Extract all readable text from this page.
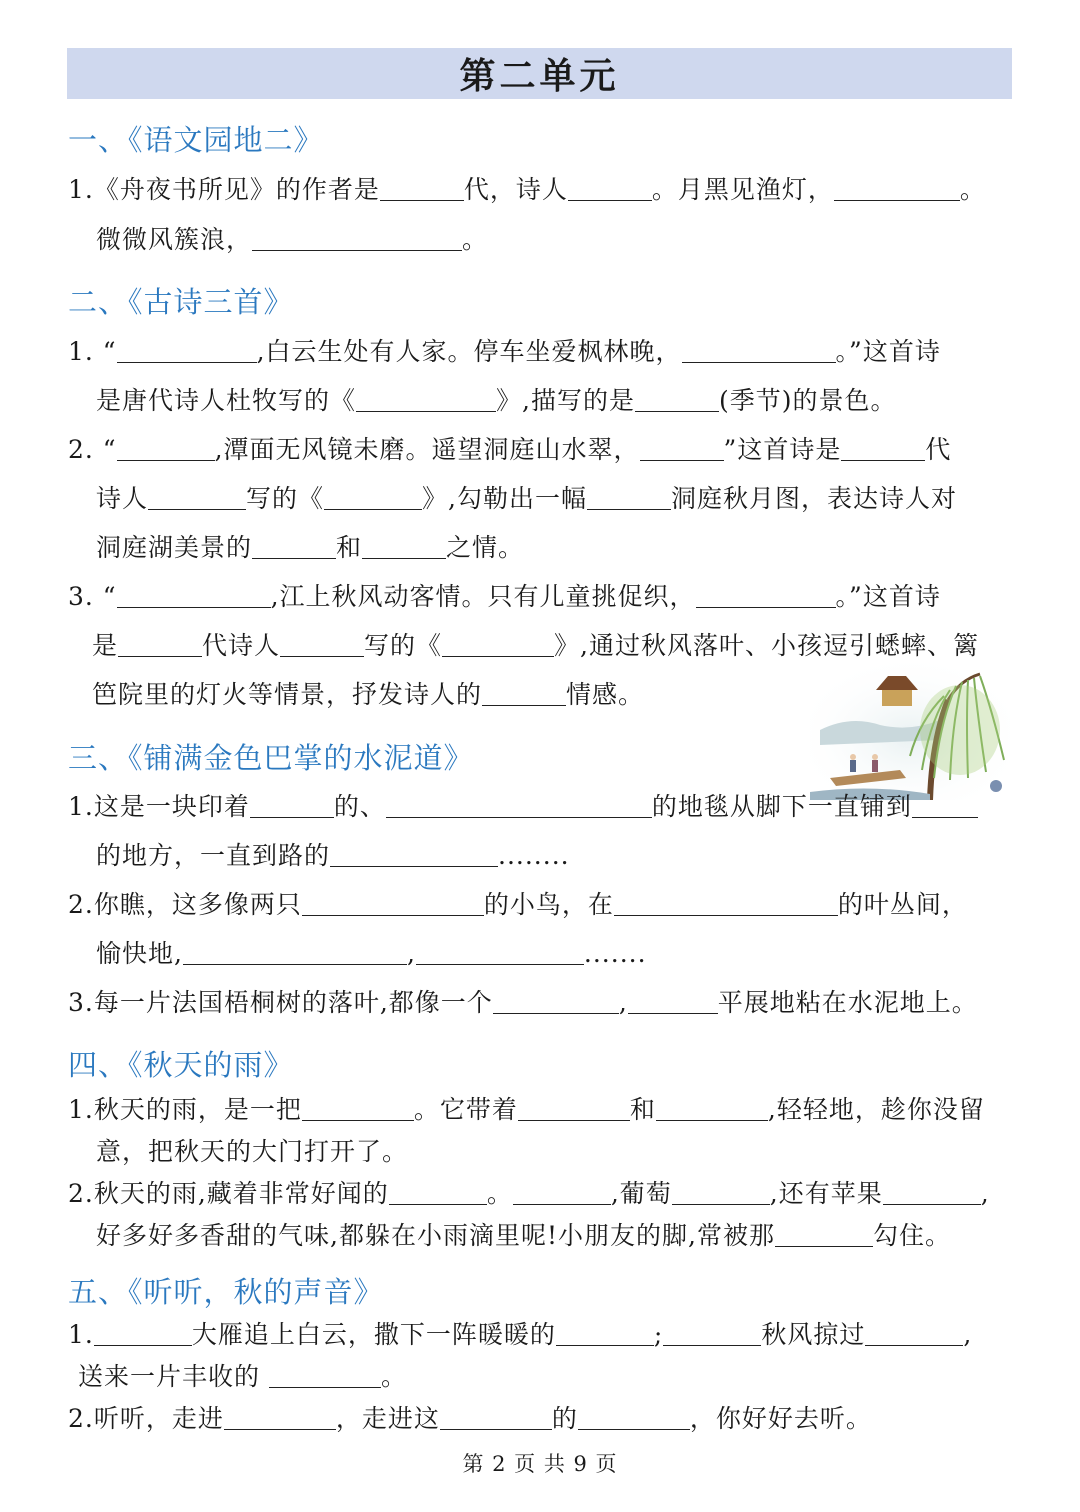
第二单元
一、《语文园地二》
1.《舟夜书所见》的作者是	代，诗人	。月黑见渔灯，	。
微微风簇浪，	。
二、《古诗三首》
1. “	,白云生处有人家。停车坐爱枫林晚，	。”这首诗
是唐代诗人杜牧写的《	》,描写的是	(季节)的景色。
2. “	,潭面无风镜未磨。遥望洞庭山水翠，	”这首诗是	代
诗人	写的《	》,勾勒出一幅	洞庭秋月图，表达诗人对
洞庭湖美景的	和	之情。
3. “	,江上秋风动客情。只有儿童挑促织，	。”这首诗
是	代诗人	写的《	》,通过秋风落叶、小孩逗引蟋蟀、篱
笆院里的灯火等情景，抒发诗人的	情感。
三、《铺满金色巴掌的水泥道》
1.这是一块印着	的、	的地毯从脚下一直铺到
的地方，一直到路的	........
2.你瞧，这多像两只	的小鸟，在	的叶丛间，
愉快地,	,	.......
3.每一片法国梧桐树的落叶,都像一个	,	平展地粘在水泥地上。
四、《秋天的雨》
1.秋天的雨，是一把	。它带着	和	,轻轻地，趁你没留
意，把秋天的大门打开了。
2.秋天的雨,藏着非常好闻的	。	,葡萄	,还有苹果	,
好多好多香甜的气味,都躲在小雨滴里呢!小朋友的脚,常被那	勾住。
五、《听听，秋的声音》
1.	大雁追上白云，撒下一阵暖暖的	;	秋风掠过	,
送来一片丰收的	。
2.听听，走进	，走进这	的	，你好好去听。
第 2 页 共 9 页
